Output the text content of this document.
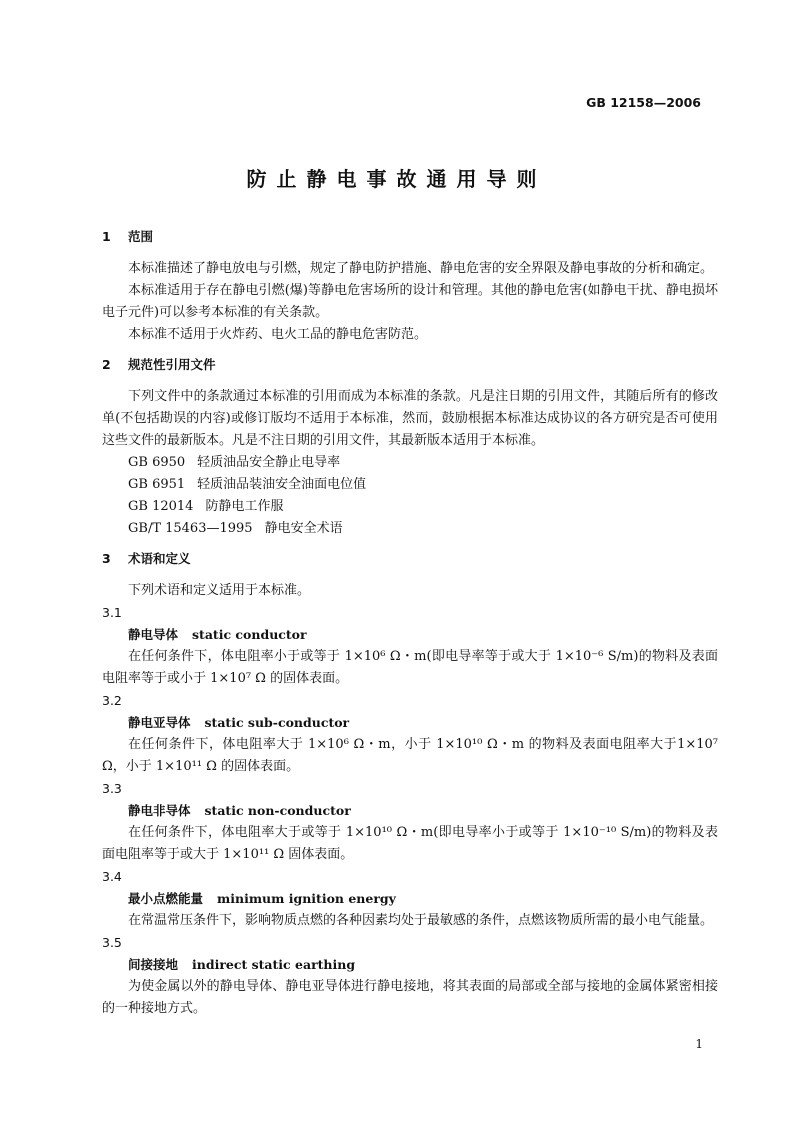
GB 12158—2006
防止静电事故通用导则
1 范围

本标准描述了静电放电与引燃，规定了静电防护措施、静电危害的安全界限及静电事故的分析和确定。

本标准适用于存在静电引燃(爆)等静电危害场所的设计和管理。其他的静电危害(如静电干扰、静电损坏电子元件)可以参考本标准的有关条款。

本标准不适用于火炸药、电火工品的静电危害防范。

2 规范性引用文件

下列文件中的条款通过本标准的引用而成为本标准的条款。凡是注日期的引用文件，其随后所有的修改单(不包括勘误的内容)或修订版均不适用于本标准，然而，鼓励根据本标准达成协议的各方研究是否可使用这些文件的最新版本。凡是不注日期的引用文件，其最新版本适用于本标准。

GB 6950 轻质油品安全静止电导率
GB 6951 轻质油品装油安全油面电位值
GB 12014 防静电工作服
GB/T 15463—1995 静电安全术语
3 术语和定义

下列术语和定义适用于本标准。

3.1
静电导体 static conductor

在任何条件下，体电阻率小于或等于 1×10⁶ Ω・m(即电导率等于或大于 1×10⁻⁶ S/m)的物料及表面电阻率等于或小于 1×10⁷ Ω 的固体表面。

3.2
静电亚导体 static sub-conductor

在任何条件下，体电阻率大于 1×10⁶ Ω・m，小于 1×10¹⁰ Ω・m 的物料及表面电阻率大于1×10⁷ Ω，小于 1×10¹¹ Ω 的固体表面。

3.3
静电非导体 static non-conductor

在任何条件下，体电阻率大于或等于 1×10¹⁰ Ω・m(即电导率小于或等于 1×10⁻¹⁰ S/m)的物料及表面电阻率等于或大于 1×10¹¹ Ω 固体表面。

3.4
最小点燃能量 minimum ignition energy

在常温常压条件下，影响物质点燃的各种因素均处于最敏感的条件，点燃该物质所需的最小电气能量。

3.5
间接接地 indirect static earthing

为使金属以外的静电导体、静电亚导体进行静电接地，将其表面的局部或全部与接地的金属体紧密相接的一种接地方式。

1
